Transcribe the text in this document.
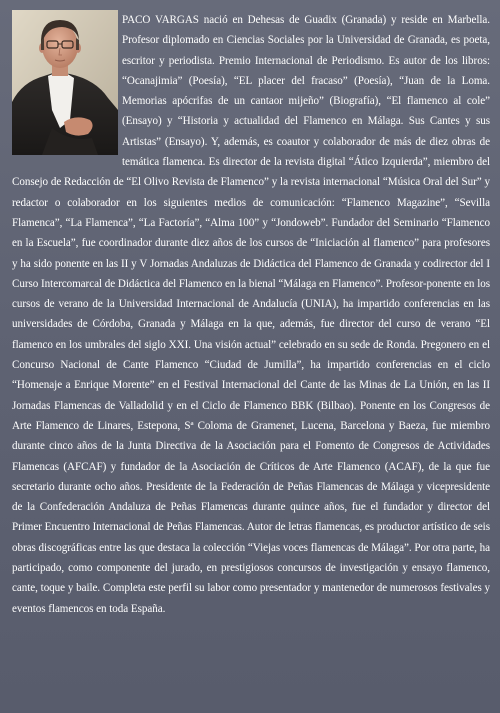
PACO VARGAS nació en Dehesas de Guadix (Granada) y reside en Marbella. Profesor diplomado en Ciencias Sociales por la Universidad de Granada, es poeta, escritor y periodista. Premio Internacional de Periodismo. Es autor de los libros: “Ocanajimia” (Poesía), “EL placer del fracaso” (Poesía), “Juan de la Loma. Memorias apócrifas de un cantaor mijeño” (Biografía), “El flamenco al cole” (Ensayo) y “Historia y actualidad del Flamenco en Málaga. Sus Cantes y sus Artistas” (Ensayo). Y, además, es coautor y colaborador de más de diez obras de temática flamenca. Es director de la revista digital “Ático Izquierda”, miembro del Consejo de Redacción de “El Olivo Revista de Flamenco” y la revista internacional “Música Oral del Sur” y redactor o colaborador en los siguientes medios de comunicación: “Flamenco Magazine”, “Sevilla Flamenca”, “La Flamenca”, “La Factoría”, “Alma 100” y “Jondoweb”. Fundador del Seminario “Flamenco en la Escuela”, fue coordinador durante diez años de los cursos de “Iniciación al flamenco” para profesores y ha sido ponente en las II y V Jornadas Andaluzas de Didáctica del Flamenco de Granada y codirector del I Curso Intercomarcal de Didáctica del Flamenco en la bienal “Málaga en Flamenco”. Profesor-ponente en los cursos de verano de la Universidad Internacional de Andalucía (UNIA), ha impartido conferencias en las universidades de Córdoba, Granada y Málaga en la que, además, fue director del curso de verano “El flamenco en los umbrales del siglo XXI. Una visión actual” celebrado en su sede de Ronda. Pregonero en el Concurso Nacional de Cante Flamenco “Ciudad de Jumilla”, ha impartido conferencias en el ciclo “Homenaje a Enrique Morente” en el Festival Internacional del Cante de las Minas de La Unión, en las II Jornadas Flamencas de Valladolid y en el Ciclo de Flamenco BBK (Bilbao). Ponente en los Congresos de Arte Flamenco de Linares, Estepona, Sª Coloma de Gramenet, Lucena, Barcelona y Baeza, fue miembro durante cinco años de la Junta Directiva de la Asociación para el Fomento de Congresos de Actividades Flamencas (AFCAF) y fundador de la Asociación de Críticos de Arte Flamenco (ACAF), de la que fue secretario durante ocho años. Presidente de la Federación de Peñas Flamencas de Málaga y vicepresidente de la Confederación Andaluza de Peñas Flamencas durante quince años, fue el fundador y director del Primer Encuentro Internacional de Peñas Flamencas. Autor de letras flamencas, es productor artístico de seis obras discográficas entre las que destaca la colección “Viejas voces flamencas de Málaga”. Por otra parte, ha participado, como componente del jurado, en prestigiosos concursos de investigación y ensayo flamenco, cante, toque y baile. Completa este perfil su labor como presentador y mantenedor de numerosos festivales y eventos flamencos en toda España.
